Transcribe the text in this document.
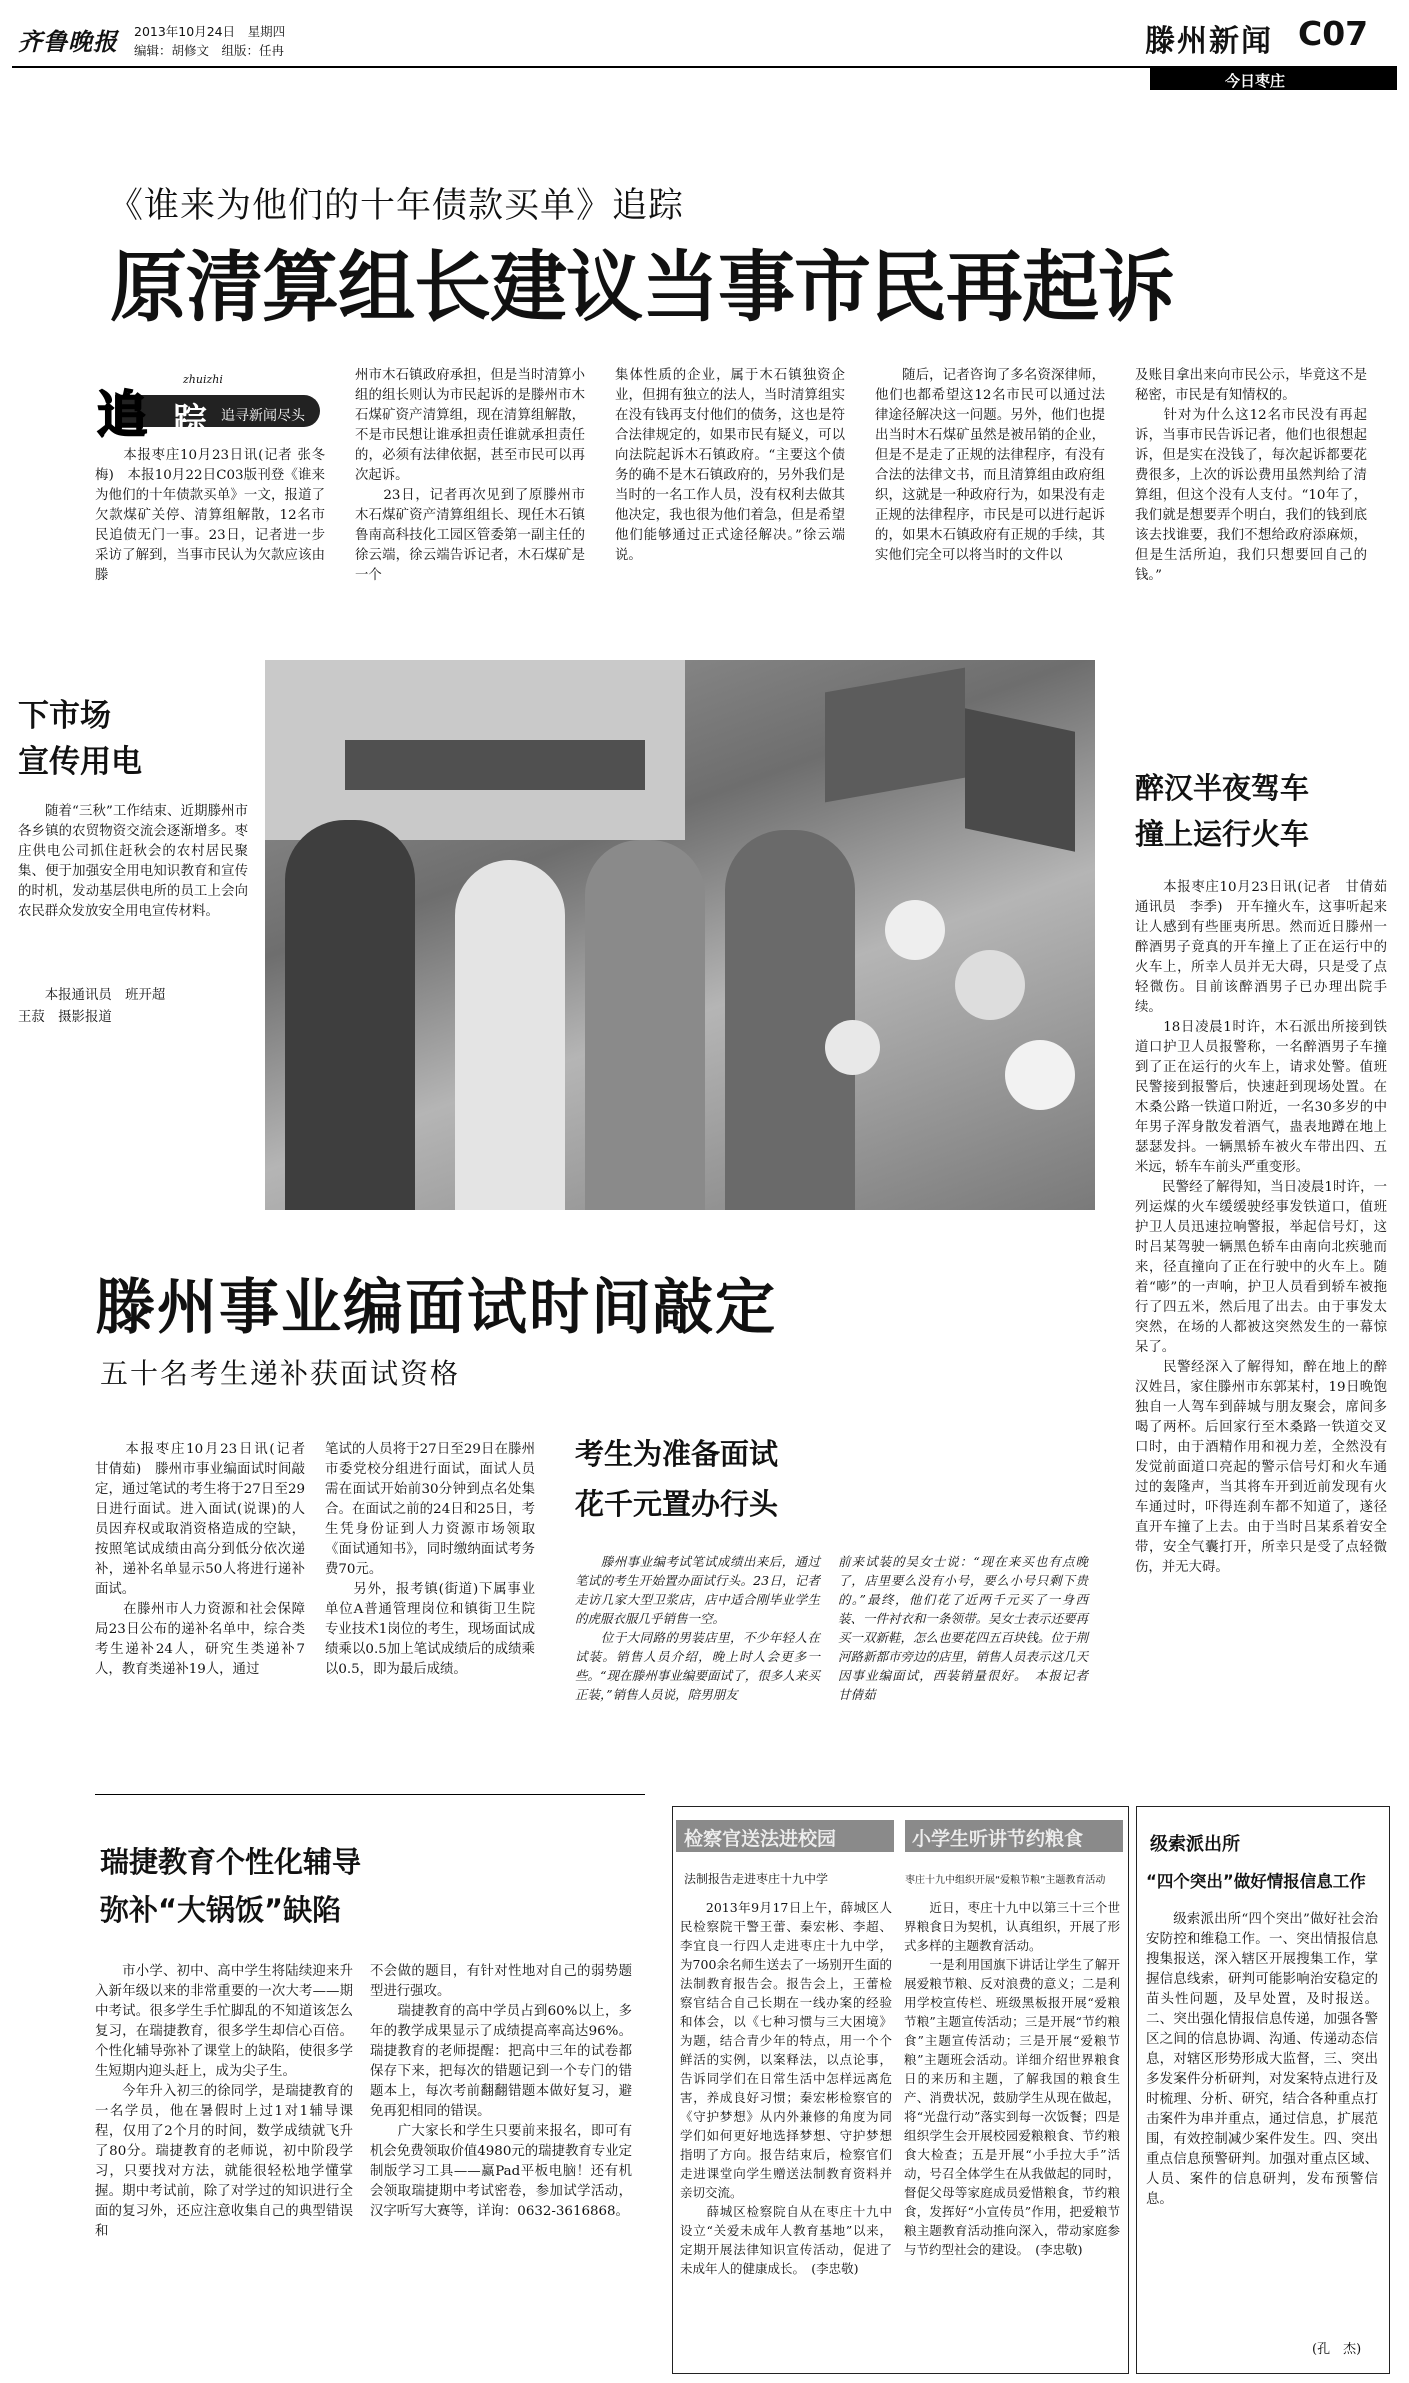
齐鲁晚报 2013年10月24日　星期四
编辑：胡修文　组版：任冉	滕州新闻 C07
今日枣庄
《谁来为他们的十年债款买单》追踪
原清算组长建议当事市民再起诉
zhuizhi
追 踪 追寻新闻尽头
　　本报枣庄10月23日讯(记者 张冬梅)　本报10月22日C03版刊登《谁来为他们的十年债款买单》一文，报道了欠款煤矿关停、清算组解散，12名市民追债无门一事。23日，记者进一步采访了解到，当事市民认为欠款应该由滕
州市木石镇政府承担，但是当时清算小组的组长则认为市民起诉的是滕州市木石煤矿资产清算组，现在清算组解散，不是市民想让谁承担责任谁就承担责任的，必须有法律依据，甚至市民可以再次起诉。
　　23日，记者再次见到了原滕州市木石煤矿资产清算组组长、现任木石镇鲁南高科技化工园区管委第一副主任的徐云端，徐云端告诉记者，木石煤矿是一个
集体性质的企业，属于木石镇独资企业，但拥有独立的法人，当时清算组实在没有钱再支付他们的债务，这也是符合法律规定的，如果市民有疑义，可以向法院起诉木石镇政府。“主要这个债务的确不是木石镇政府的，另外我们是当时的一名工作人员，没有权利去做其他决定，我也很为他们着急，但是希望他们能够通过正式途径解决。”徐云端说。
　　随后，记者咨询了多名资深律师，他们也都希望这12名市民可以通过法律途径解决这一问题。另外，他们也提出当时木石煤矿虽然是被吊销的企业，但是不是走了正规的法律程序，有没有合法的法律文书，而且清算组由政府组织，这就是一种政府行为，如果没有走正规的法律程序，市民是可以进行起诉的，如果木石镇政府有正规的手续，其实他们完全可以将当时的文件以
及账目拿出来向市民公示，毕竟这不是秘密，市民是有知情权的。
　　针对为什么这12名市民没有再起诉，当事市民告诉记者，他们也很想起诉，但是实在没钱了，每次起诉都要花费很多，上次的诉讼费用虽然判给了清算组，但这个没有人支付。“10年了，我们就是想要弄个明白，我们的钱到底该去找谁要，我们不想给政府添麻烦，但是生活所迫，我们只想要回自己的钱。”
下市场
宣传用电
　　随着“三秋”工作结束、近期滕州市各乡镇的农贸物资交流会逐渐增多。枣庄供电公司抓住赶秋会的农村居民聚集、便于加强安全用电知识教育和宣传的时机，发动基层供电所的员工上会向农民群众发放安全用电宣传材料。
　　本报通讯员　班开超
王菽　摄影报道
醉汉半夜驾车
撞上运行火车
　　本报枣庄10月23日讯(记者　甘倩茹　通讯员　李季)　开车撞火车，这事听起来让人感到有些匪夷所思。然而近日滕州一醉酒男子竟真的开车撞上了正在运行中的火车上，所幸人员并无大碍，只是受了点轻微伤。目前该醉酒男子已办理出院手续。
　　18日凌晨1时许，木石派出所接到铁道口护卫人员报警称，一名醉酒男子车撞到了正在运行的火车上，请求处警。值班民警接到报警后，快速赶到现场处置。在木桑公路一铁道口附近，一名30多岁的中年男子浑身散发着酒气，蛊表地蹲在地上瑟瑟发抖。一辆黑轿车被火车带出四、五米远，轿车车前头严重变形。
　　民警经了解得知，当日凌晨1时许，一列运煤的火车缓缓驶经事发铁道口，值班护卫人员迅速拉响警报，举起信号灯，这时吕某驾驶一辆黑色轿车由南向北疾驰而来，径直撞向了正在行驶中的火车上。随着“嘭”的一声响，护卫人员看到轿车被拖行了四五米，然后甩了出去。由于事发太突然，在场的人都被这突然发生的一幕惊呆了。
　　民警经深入了解得知，醉在地上的醉汉姓吕，家住滕州市东郭某村，19日晚饱独自一人驾车到薛城与朋友聚会，席间多喝了两杯。后回家行至木桑路一铁道交叉口时，由于酒精作用和视力差，全然没有发觉前面道口亮起的警示信号灯和火车通过的轰隆声，当其将车开到近前发现有火车通过时，吓得连刹车都不知道了，遂径直开车撞了上去。由于当时吕某系着安全带，安全气囊打开，所幸只是受了点轻微伤，并无大碍。
滕州事业编面试时间敲定
五十名考生递补获面试资格
　　本报枣庄10月23日讯(记者　甘倩茹)　滕州市事业编面试时间敲定，通过笔试的考生将于27日至29日进行面试。进入面试(说课)的人员因弃权或取消资格造成的空缺，按照笔试成绩由高分到低分依次递补，递补名单显示50人将进行递补面试。
　　在滕州市人力资源和社会保障局23日公布的递补名单中，综合类考生递补24人，研究生类递补7人，教育类递补19人，通过
笔试的人员将于27日至29日在滕州市委党校分组进行面试，面试人员需在面试开始前30分钟到点名处集合。在面试之前的24日和25日，考生凭身份证到人力资源市场领取《面试通知书》，同时缴纳面试考务费70元。
　　另外，报考镇(街道)下属事业单位A普通管理岗位和镇街卫生院专业技术1岗位的考生，现场面试成绩乘以0.5加上笔试成绩后的成绩乘以0.5，即为最后成绩。
考生为准备面试
花千元置办行头
　　滕州事业编考试笔试成绩出来后，通过笔试的考生开始置办面试行头。23日，记者走访几家大型卫浆店，店中适合刚毕业学生的虎服衣服几乎销售一空。
　　位于大同路的男装店里，不少年轻人在试装。销售人员介绍，晚上时人会更多一些。“现在滕州事业编要面试了，很多人来买正装，”销售人员说，陪男朋友
前来试装的吴女士说：“现在来买也有点晚了，店里要么没有小号，要么小号只剩下贵的。”最终，他们花了近两千元买了一身西装、一件衬衣和一条领带。吴女士表示还要再买一双新鞋，怎么也要花四五百块钱。位于荆河路新都市旁边的店里，销售人员表示这几天因事业编面试，西装销量很好。　本报记者　甘倩茹
瑞捷教育个性化辅导
弥补“大锅饭”缺陷
　　市小学、初中、高中学生将陆续迎来升入新年级以来的非常重要的一次大考——期中考试。很多学生手忙脚乱的不知道该怎么复习，在瑞捷教育，很多学生却信心百倍。个性化辅导弥补了课堂上的缺陷，使很多学生短期内迎头赶上，成为尖子生。
　　今年升入初三的徐同学，是瑞捷教育的一名学员，他在暑假时上过1对1辅导课程，仅用了2个月的时间，数学成绩就飞升了80分。瑞捷教育的老师说，初中阶段学习，只要找对方法，就能很轻松地学懂掌握。期中考试前，除了对学过的知识进行全面的复习外，还应注意收集自己的典型错误和
不会做的题目，有针对性地对自己的弱势题型进行强攻。
　　瑞捷教育的高中学员占到60%以上，多年的教学成果显示了成绩提高率高达96%。瑞捷教育的老师提醒：把高中三年的试卷都保存下来，把每次的错题记到一个专门的错题本上，每次考前翻翻错题本做好复习，避免再犯相同的错误。
　　广大家长和学生只要前来报名，即可有机会免费领取价值4980元的瑞捷教育专业定制版学习工具——赢Pad平板电脑！还有机会领取瑞捷期中考试密卷，参加试学活动，汉字听写大赛等，详询：0632-3616868。
检察官送法进校园	小学生听讲节约粮食
法制报告走进枣庄十九中学	枣庄十九中组织开展“爱粮节粮”主题教育活动
　　2013年9月17日上午，薛城区人民检察院干警王蕾、秦宏彬、李超、李宜良一行四人走进枣庄十九中学，为700余名师生送去了一场别开生面的法制教育报告会。报告会上，王蕾检察官结合自己长期在一线办案的经验和体会，以《七种习惯与三大困境》为题，结合青少年的特点，用一个个鲜活的实例，以案释法，以点论事，告诉同学们在日常生活中怎样远离危害，养成良好习惯；秦宏彬检察官的《守护梦想》从内外兼修的角度为同学们如何更好地选择梦想、守护梦想指明了方向。报告结束后，检察官们走进课堂向学生赠送法制教育资料并亲切交流。
　　薛城区检察院自从在枣庄十九中设立“关爱未成年人教育基地”以来，定期开展法律知识宣传活动，促进了未成年人的健康成长。　(李忠敬)
　　近日，枣庄十九中以第三十三个世界粮食日为契机，认真组织，开展了形式多样的主题教育活动。
　　一是利用国旗下讲话让学生了解开展爱粮节粮、反对浪费的意义；二是利用学校宣传栏、班级黑板报开展“爱粮节粮”主题宣传活动；三是开展“节约粮食”主题宣传活动；三是开展“爱粮节粮”主题班会活动。详细介绍世界粮食日的来历和主题，了解我国的粮食生产、消费状况，鼓励学生从现在做起，将“光盘行动”落实到每一次饭餐；四是组织学生会开展校园爱粮粮食、节约粮食大检查；五是开展“小手拉大手”活动，号召全体学生在从我做起的同时，督促父母等家庭成员爱惜粮食，节约粮食，发挥好“小宣传员”作用，把爱粮节粮主题教育活动推向深入，带动家庭参与节约型社会的建设。　(李忠敬)
级索派出所
“四个突出”做好情报信息工作
　　级索派出所“四个突出”做好社会治安防控和维稳工作。一、突出情报信息搜集报送，深入辖区开展搜集工作，掌握信息线索，研判可能影响治安稳定的苗头性问题，及早处置，及时报送。二、突出强化情报信息传递，加强各警区之间的信息协调、沟通、传递动态信息，对辖区形势形成大监督，三、突出多发案件分析研判，对发案特点进行及时梳理、分析、研究，结合各种重点打击案件为串并重点，通过信息，扩展范围，有效控制减少案件发生。四、突出重点信息预警研判。加强对重点区域、人员、案件的信息研判，发布预警信息。
(孔　杰)
